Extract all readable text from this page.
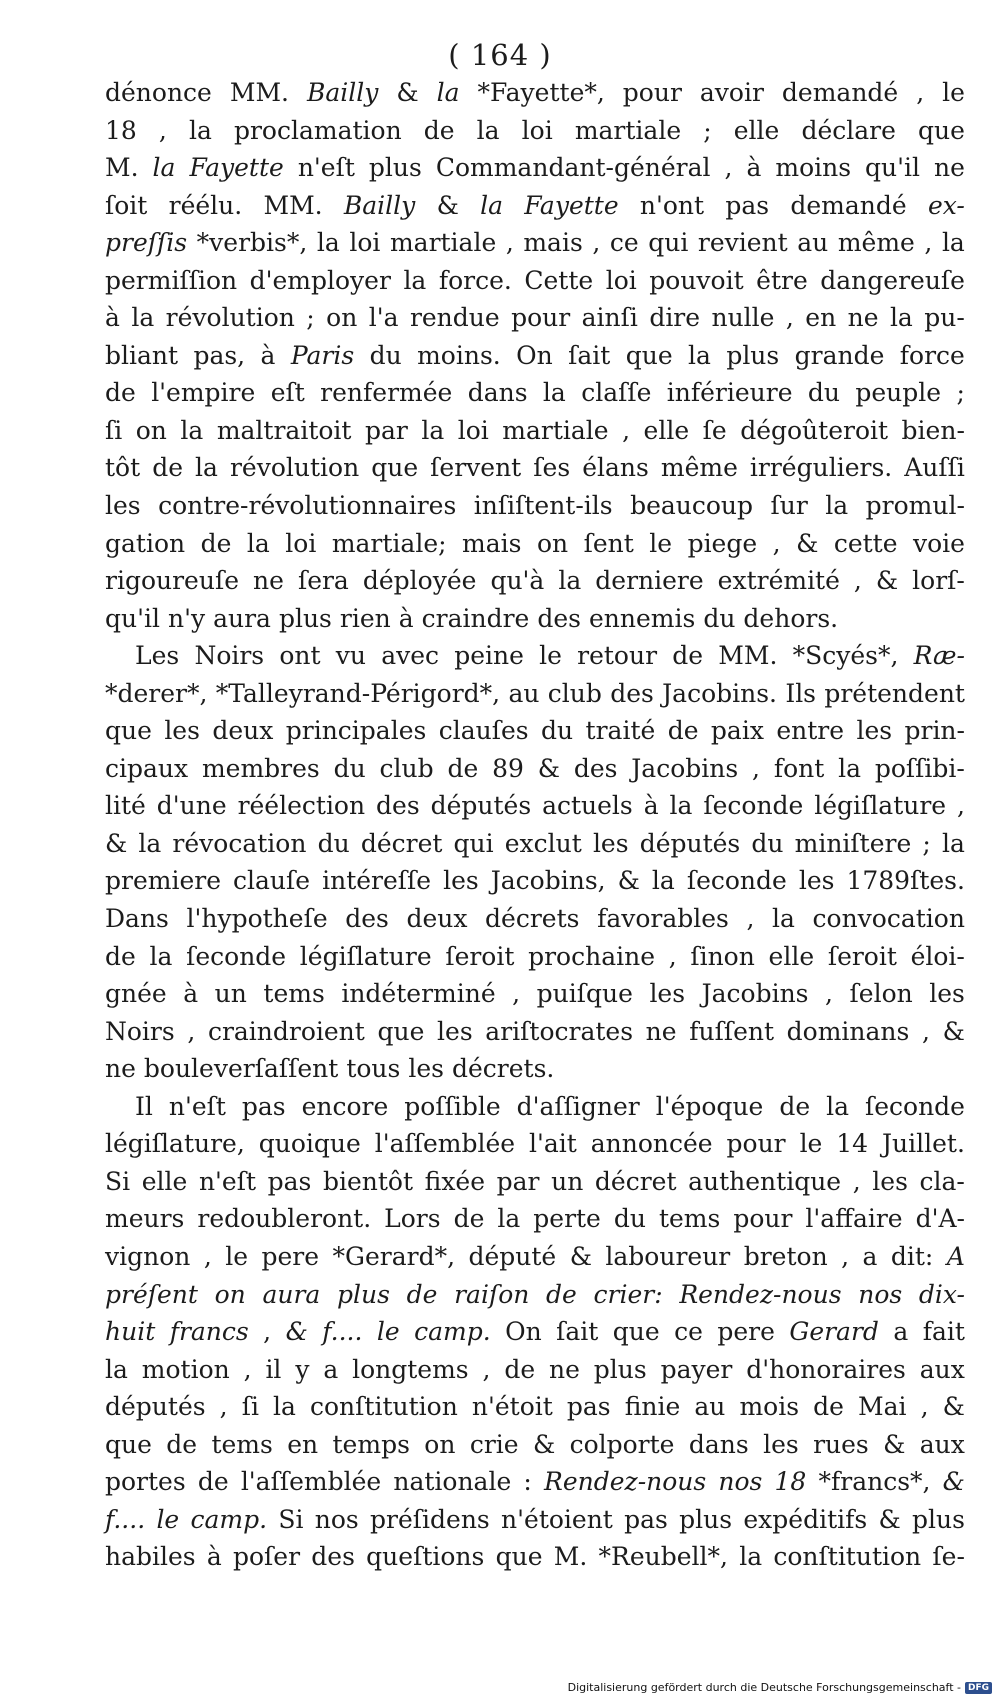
( 164 )
dénonce MM. Bailly & la *Fayette*, pour avoir demandé , le
18 , la proclamation de la loi martiale ; elle déclare que
M. la Fayette n'eſt plus Commandant-général , à moins qu'il ne
ſoit réélu. MM. Bailly & la Fayette n'ont pas demandé ex-
preſſis *verbis*, la loi martiale , mais , ce qui revient au même , la
permiſſion d'employer la force. Cette loi pouvoit être dangereuſe
à la révolution ; on l'a rendue pour ainſi dire nulle , en ne la pu-
bliant pas, à Paris du moins. On ſait que la plus grande force
de l'empire eſt renfermée dans la claſſe inférieure du peuple ;
ſi on la maltraitoit par la loi martiale , elle ſe dégoûteroit bien-
tôt de la révolution que ſervent ſes élans même irréguliers. Auſſi
les contre-révolutionnaires inſiſtent-ils beaucoup ſur la promul-
gation de la loi martiale; mais on ſent le piege , & cette voie
rigoureuſe ne ſera déployée qu'à la derniere extrémité , & lorſ-
qu'il n'y aura plus rien à craindre des ennemis du dehors.
Les Noirs ont vu avec peine le retour de MM. *Scyés*, Ræ-
*derer*, *Talleyrand-Périgord*, au club des Jacobins. Ils prétendent
que les deux principales clauſes du traité de paix entre les prin-
cipaux membres du club de 89 & des Jacobins , font la poſſibi-
lité d'une réélection des députés actuels à la ſeconde légiſlature ,
& la révocation du décret qui exclut les députés du miniſtere ; la
premiere clauſe intéreſſe les Jacobins, & la ſeconde les 1789ſtes.
Dans l'hypotheſe des deux décrets favorables , la convocation
de la ſeconde légiſlature ſeroit prochaine , ſinon elle ſeroit éloi-
gnée à un tems indéterminé , puiſque les Jacobins , ſelon les
Noirs , craindroient que les ariſtocrates ne fuſſent dominans , &
ne bouleverſaſſent tous les décrets.
Il n'eſt pas encore poſſible d'aſſigner l'époque de la ſeconde
légiſlature, quoique l'aſſemblée l'ait annoncée pour le 14 Juillet.
Si elle n'eſt pas bientôt fixée par un décret authentique , les cla-
meurs redoubleront. Lors de la perte du tems pour l'affaire d'A-
vignon , le pere *Gerard*, député & laboureur breton , a dit: A
préſent on aura plus de raiſon de crier: Rendez-nous nos dix-
huit francs , & f.... le camp. On ſait que ce pere Gerard a fait
la motion , il y a longtems , de ne plus payer d'honoraires aux
députés , ſi la conſtitution n'étoit pas finie au mois de Mai , &
que de tems en temps on crie & colporte dans les rues & aux
portes de l'aſſemblée nationale : Rendez-nous nos 18 *francs*, &
f.... le camp. Si nos préſidens n'étoient pas plus expéditifs & plus
habiles à poſer des queſtions que M. *Reubell*, la conſtitution ſe-
Digitalisierung gefördert durch die Deutsche Forschungsgemeinschaft - DFG
